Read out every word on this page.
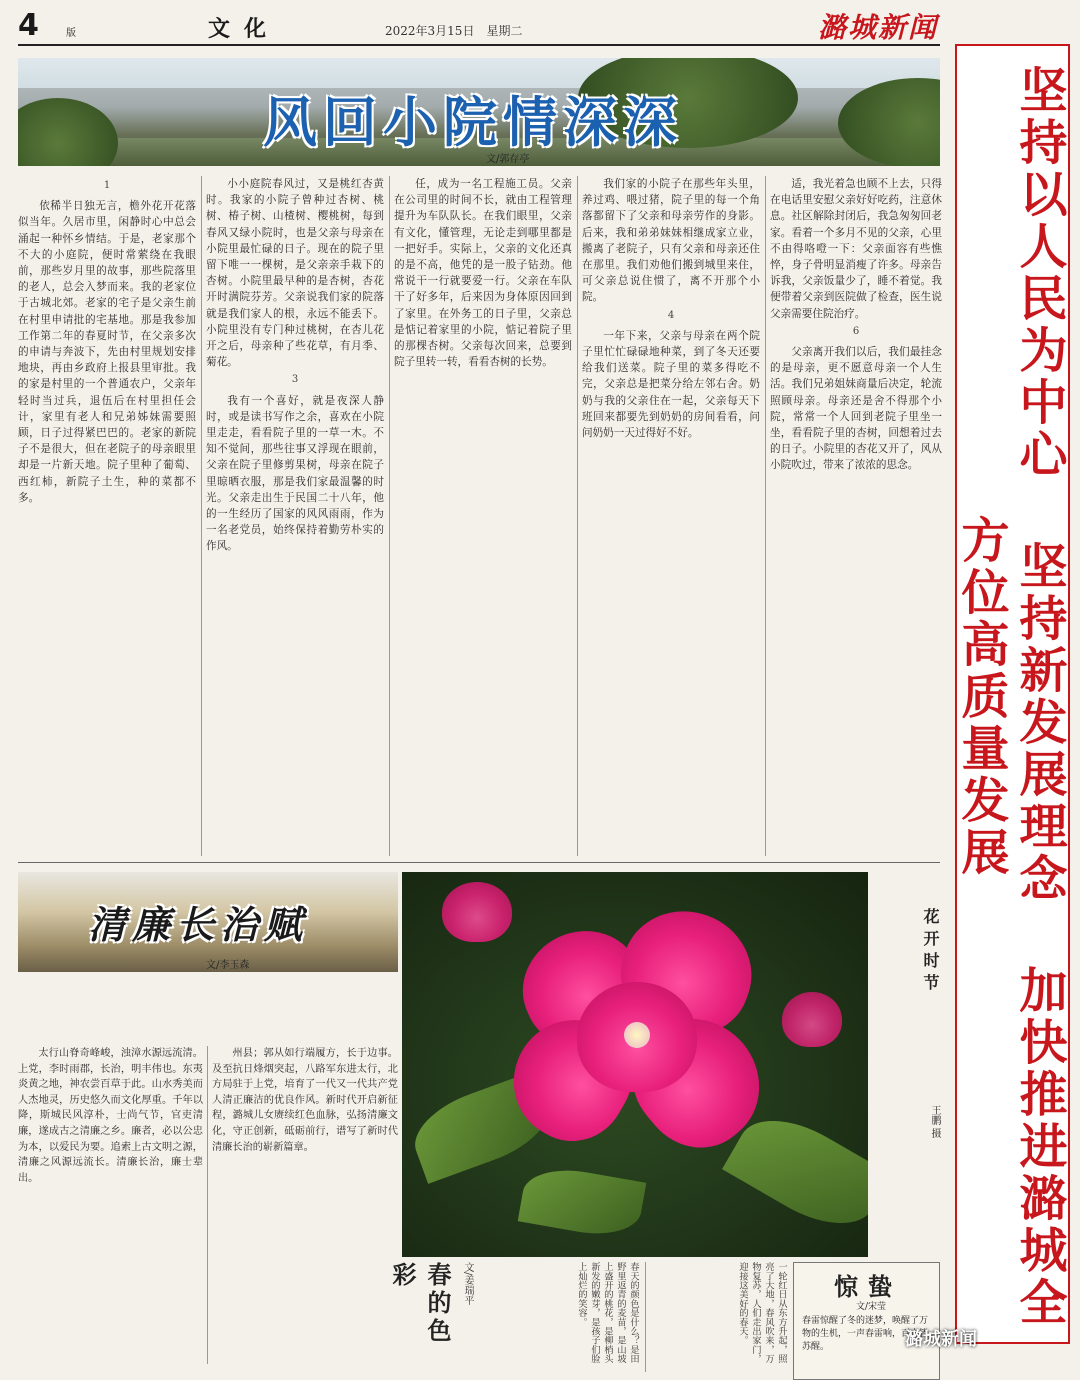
4	版	文化	2022年3月15日　星期二	潞城新闻
坚持以人民为中心 坚持新发展理念 加快推进潞城全方位高质量发展
风回小院情深深
文/郭存亭
1

依稀半日独无言，檐外花开花落似当年。久居市里，闲静时心中总会涌起一种怀乡情结。于是，老家那个不大的小庭院，便时常萦绕在我眼前，那些岁月里的故事，那些院落里的老人，总会入梦而来。我的老家位于古城北郊。老家的宅子是父亲生前在村里申请批的宅基地。那是我参加工作第二年的春夏时节，在父亲多次的申请与奔波下，先由村里规划安排地块，再由乡政府上报县里审批。我的家是村里的一个普通农户，父亲年轻时当过兵，退伍后在村里担任会计，家里有老人和兄弟姊妹需要照顾，日子过得紧巴巴的。老家的新院子不是很大，但在老院子的母亲眼里却是一片新天地。院子里种了葡萄、西红柿，新院子土生，种的菜都不多。

小小庭院春风过，又是桃红杏黄时。我家的小院子曾种过杏树、桃树、椿子树、山楂树、樱桃树，每到春风又绿小院时，也是父亲与母亲在小院里最忙碌的日子。现在的院子里留下唯一一棵树，是父亲亲手栽下的杏树。小院里最早种的是杏树，杏花开时满院芬芳。父亲说我们家的院落就是我们家人的根，永远不能丢下。小院里没有专门种过桃树，在杏儿花开之后，母亲种了些花草，有月季、菊花。

3

我有一个喜好，就是夜深人静时，或是读书写作之余，喜欢在小院里走走，看看院子里的一草一木。不知不觉间，那些往事又浮现在眼前，父亲在院子里修剪果树，母亲在院子里晾晒衣服，那是我们家最温馨的时光。父亲走出生于民国二十八年，他的一生经历了国家的风风雨雨，作为一名老党员，始终保持着勤劳朴实的作风。

任，成为一名工程施工员。父亲在公司里的时间不长，就由工程管理提升为车队队长。在我们眼里，父亲有文化，懂管理，无论走到哪里都是一把好手。实际上，父亲的文化还真的是不高，他凭的是一股子钻劲。他常说干一行就要爱一行。父亲在车队干了好多年，后来因为身体原因回到了家里。在外务工的日子里，父亲总是惦记着家里的小院，惦记着院子里的那棵杏树。父亲每次回来，总要到院子里转一转，看看杏树的长势。

我们家的小院子在那些年头里，养过鸡、喂过猪，院子里的每一个角落都留下了父亲和母亲劳作的身影。后来，我和弟弟妹妹相继成家立业，搬离了老院子，只有父亲和母亲还住在那里。我们劝他们搬到城里来住，可父亲总说住惯了，离不开那个小院。

4

一年下来，父亲与母亲在两个院子里忙忙碌碌地种菜，到了冬天还要给我们送菜。院子里的菜多得吃不完，父亲总是把菜分给左邻右舍。奶奶与我的父亲住在一起，父亲每天下班回来都要先到奶奶的房间看看，问问奶奶一天过得好不好。

适，我光着急也顾不上去，只得在电话里安慰父亲好好吃药，注意休息。社区解除封闭后，我急匆匆回老家。看着一个多月不见的父亲，心里不由得咯噔一下：父亲面容有些憔悴，身子骨明显消瘦了许多。母亲告诉我，父亲饭量少了，睡不着觉。我便带着父亲到医院做了检查，医生说父亲需要住院治疗。

6

父亲离开我们以后，我们最挂念的是母亲，更不愿意母亲一个人生活。我们兄弟姐妹商量后决定，轮流照顾母亲。母亲还是舍不得那个小院，常常一个人回到老院子里坐一坐，看看院子里的杏树，回想着过去的日子。小院里的杏花又开了，风从小院吹过，带来了浓浓的思念。

清廉长治赋
文/李玉森

太行山脊奇峰峻，浊漳水源远流清。上党，李时雨郡，长治，明丰伟也。东夷炎黄之地，神农尝百草于此。山水秀美而人杰地灵，历史悠久而文化厚重。千年以降，斯城民风淳朴，士尚气节，官吏清廉，遂成古之清廉之乡。廉者，必以公忠为本，以爱民为要。追索上古文明之源，清廉之风源远流长。清廉长治，廉士辈出。

州县；郭从如行端履方，长于边事。及至抗日烽烟突起，八路军东进太行，北方局驻于上党，培育了一代又一代共产党人清正廉洁的优良作风。新时代开启新征程，潞城儿女赓续红色血脉，弘扬清廉文化，守正创新，砥砺前行，谱写了新时代清廉长治的崭新篇章。

花开时节
王鹏 摄
春的色彩	文/姜瑞平	春天的颜色是什么？是田野里返青的麦苗，是山坡上盛开的桃花，是柳梢头新发的嫩芽，是孩子们脸上灿烂的笑容。	一轮红日从东方升起，照亮了大地，春风吹来，万物复苏，人们走出家门，迎接这美好的春天。	惊蛰
文/宋莹
春雷惊醒了冬的迷梦，唤醒了万物的生机，一声春雷响，百虫皆苏醒。	潞城新闻
